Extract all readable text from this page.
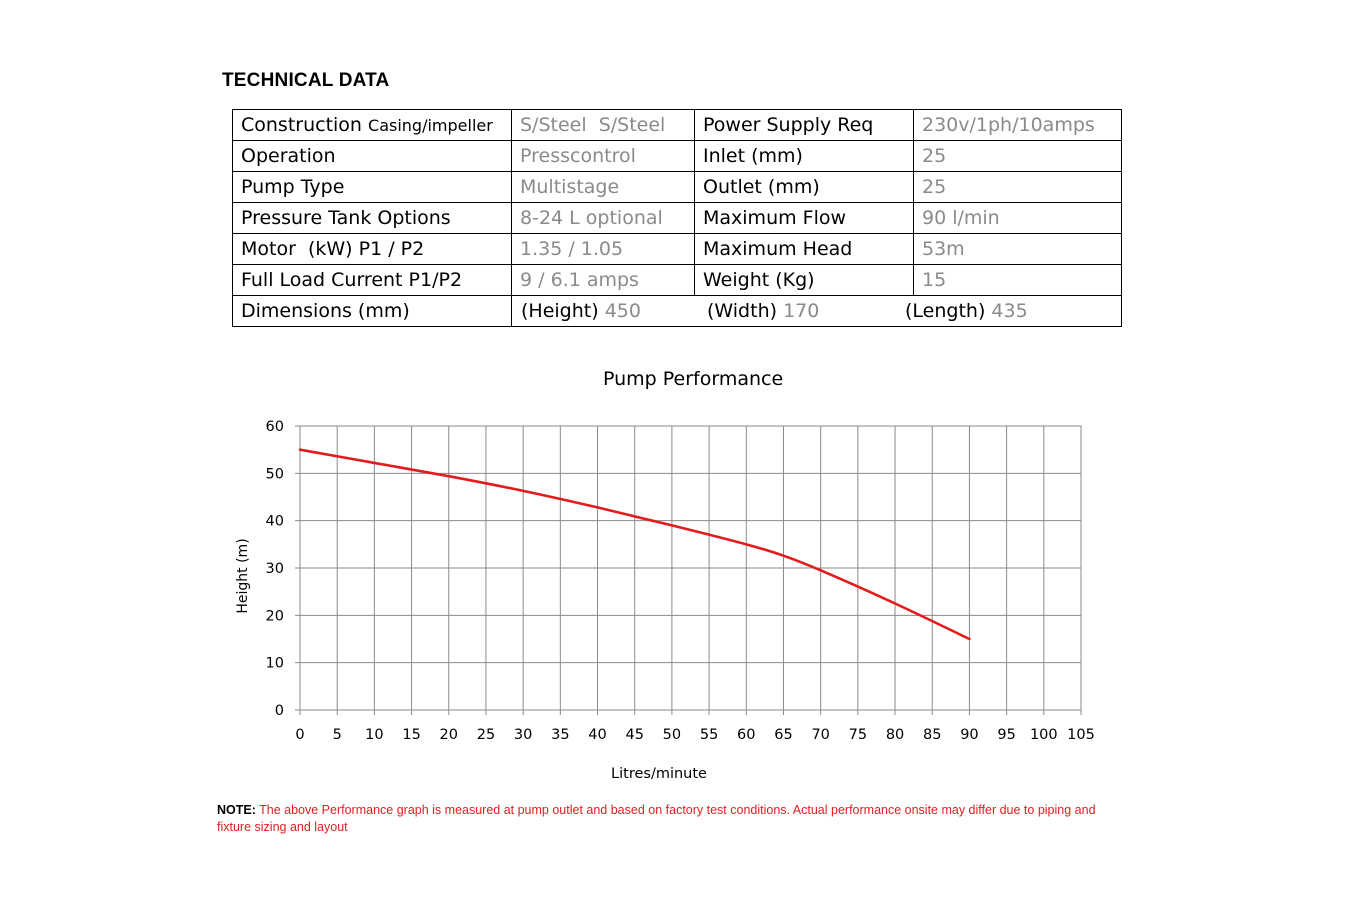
TECHNICAL DATA
Construction Casing/impeller	S/Steel  S/Steel	Power Supply Req	230v/1ph/10amps
Operation	Presscontrol	Inlet (mm)	25
Pump Type	Multistage	Outlet (mm)	25
Pressure Tank Options	8-24 L optional	Maximum Flow	90 l/min
Motor  (kW) P1 / P2	1.35 / 1.05	Maximum Head	53m
Full Load Current P1/P2	9 / 6.1 amps	Weight (Kg)	15
Dimensions (mm)	(Height) 450 (Width) 170 (Length) 435		
Pump Performance
0 5 10 15 20 25 30 35 40 45 50 55 60 65 70 75 80 85 90 95 100 105
0
10
20
30
40
50
60
Litres/minute
Height (m)
NOTE: The above Performance graph is measured at pump outlet and based on factory test conditions. Actual performance onsite may differ due to piping and fixture sizing and layout
